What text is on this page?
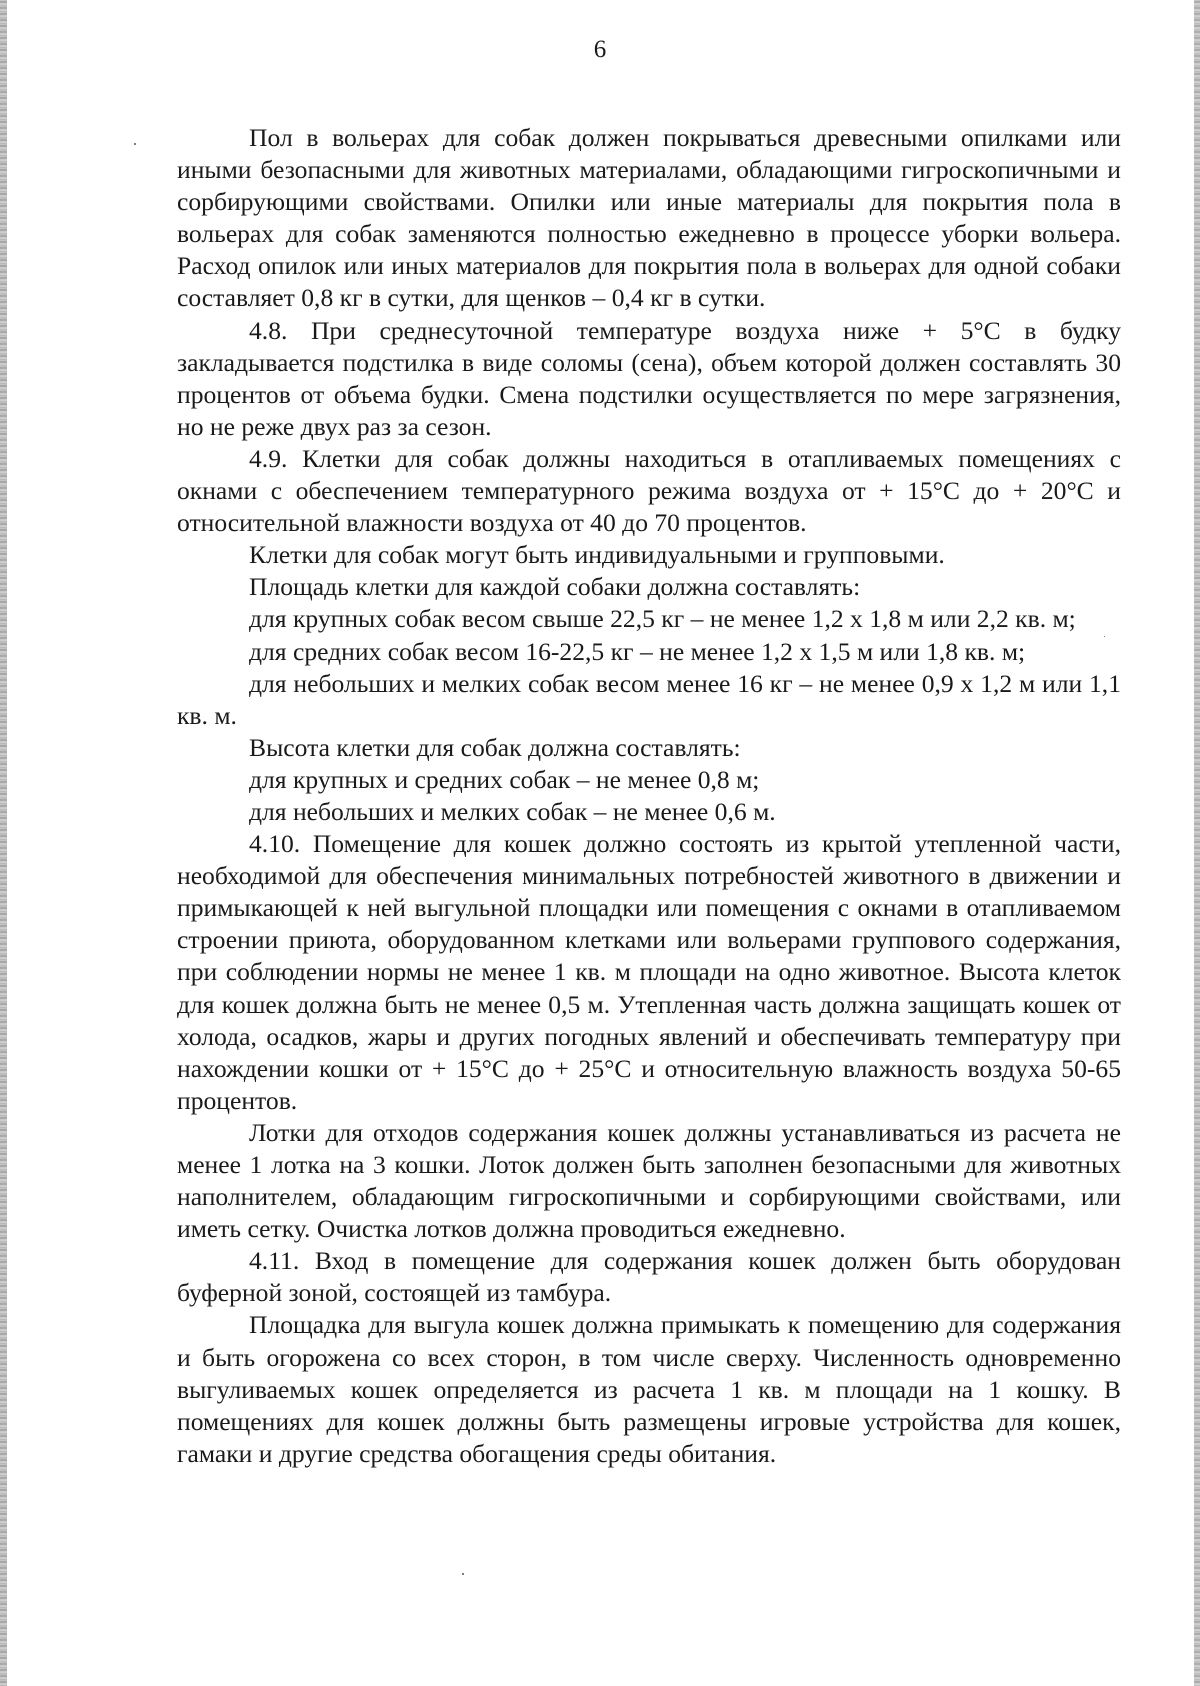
6

Пол в вольерах для собак должен покрываться древесными опилками или иными безопасными для животных материалами, обладающими гигроскопичными и сорбирующими свойствами. Опилки или иные материалы для покрытия пола в вольерах для собак заменяются полностью ежедневно в процессе уборки вольера. Расход опилок или иных материалов для покрытия пола в вольерах для одной собаки составляет 0,8 кг в сутки, для щенков – 0,4 кг в сутки.

4.8. При среднесуточной температуре воздуха ниже + 5°С в будку закладывается подстилка в виде соломы (сена), объем которой должен составлять 30 процентов от объема будки. Смена подстилки осуществляется по мере загрязнения, но не реже двух раз за сезон.

4.9. Клетки для собак должны находиться в отапливаемых помещениях с окнами с обеспечением температурного режима воздуха от + 15°С до + 20°С и относительной влажности воздуха от 40 до 70 процентов.

Клетки для собак могут быть индивидуальными и групповыми.

Площадь клетки для каждой собаки должна составлять:

для крупных собак весом свыше 22,5 кг – не менее 1,2 х 1,8 м или 2,2 кв. м;

для средних собак весом 16-22,5 кг – не менее 1,2 х 1,5 м или 1,8 кв. м;

для небольших и мелких собак весом менее 16 кг – не менее 0,9 х 1,2 м или 1,1 кв. м.

Высота клетки для собак должна составлять:

для крупных и средних собак – не менее 0,8 м;

для небольших и мелких собак – не менее 0,6 м.

4.10. Помещение для кошек должно состоять из крытой утепленной части, необходимой для обеспечения минимальных потребностей животного в движении и примыкающей к ней выгульной площадки или помещения с окнами в отапливаемом строении приюта, оборудованном клетками или вольерами группового содержания, при соблюдении нормы не менее 1 кв. м площади на одно животное. Высота клеток для кошек должна быть не менее 0,5 м. Утепленная часть должна защищать кошек от холода, осадков, жары и других погодных явлений и обеспечивать температуру при нахождении кошки от + 15°С до + 25°С и относительную влажность воздуха 50-65 процентов.

Лотки для отходов содержания кошек должны устанавливаться из расчета не менее 1 лотка на 3 кошки. Лоток должен быть заполнен безопасными для животных наполнителем, обладающим гигроскопичными и сорбирующими свойствами, или иметь сетку. Очистка лотков должна проводиться ежедневно.

4.11. Вход в помещение для содержания кошек должен быть оборудован буферной зоной, состоящей из тамбура.

Площадка для выгула кошек должна примыкать к помещению для содержания и быть огорожена со всех сторон, в том числе сверху. Численность одновременно выгуливаемых кошек определяется из расчета 1 кв. м площади на 1 кошку. В помещениях для кошек должны быть размещены игровые устройства для кошек, гамаки и другие средства обогащения среды обитания.
